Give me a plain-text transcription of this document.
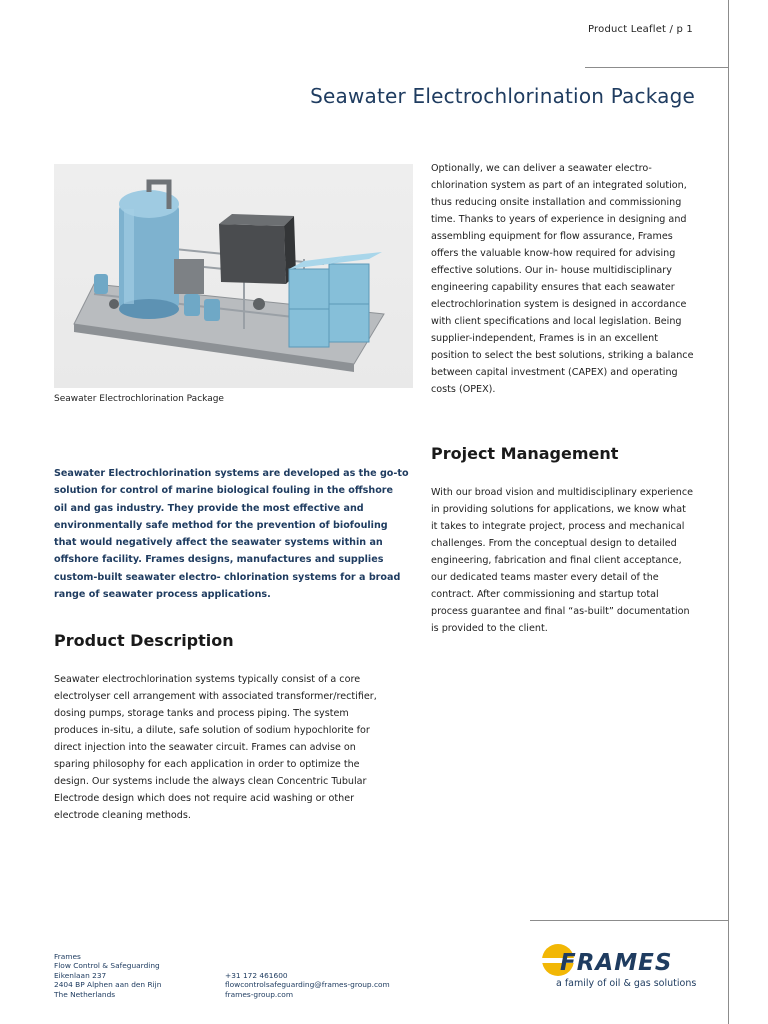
Product Leaflet / p 1
Seawater Electrochlorination Package
Seawater Electrochlorination Package
Seawater Electrochlorination systems are developed as the go-to solution for control of marine biological fouling in the offshore oil and gas industry. They provide the most effective and environmentally safe method for the prevention of biofouling that would negatively affect the seawater systems within an offshore facility. Frames designs, manufactures and supplies custom-built seawater electro- chlorination systems for a broad range of seawater process applications.
Product Description
Seawater electrochlorination systems typically consist of a core electrolyser cell arrangement with associated transformer/rectifier, dosing pumps, storage tanks and process piping. The system produces in-situ, a dilute, safe solution of sodium hypochlorite for direct injection into the seawater circuit. Frames can advise on sparing philosophy for each application in order to optimize the design. Our systems include the always clean Concentric Tubular Electrode design which does not require acid washing or other electrode cleaning methods.
Optionally, we can deliver a seawater electro-chlorination system as part of an integrated solution, thus reducing onsite installation and commissioning time. Thanks to years of experience in designing and assembling equipment for flow assurance, Frames offers the valuable know-how required for advising effective solutions. Our in- house multidisciplinary engineering capability ensures that each seawater electrochlorination system is designed in accordance with client specifications and local legislation. Being supplier-independent, Frames is in an excellent position to select the best solutions, striking a balance between capital investment (CAPEX) and operating costs (OPEX).
Project Management
With our broad vision and multidisciplinary experience in providing solutions for applications, we know what it takes to integrate project, process and mechanical challenges. From the conceptual design to detailed engineering, fabrication and final client acceptance, our dedicated teams master every detail of the contract. After commissioning and startup total process guarantee and final “as-built” documentation is provided to the client.
Frames
Flow Control & Safeguarding
Eikenlaan 237
2404 BP Alphen aan den Rijn
The Netherlands
+31 172 461600
flowcontrolsafeguarding@frames-group.com
frames-group.com
FRAMES
a family of oil & gas solutions
